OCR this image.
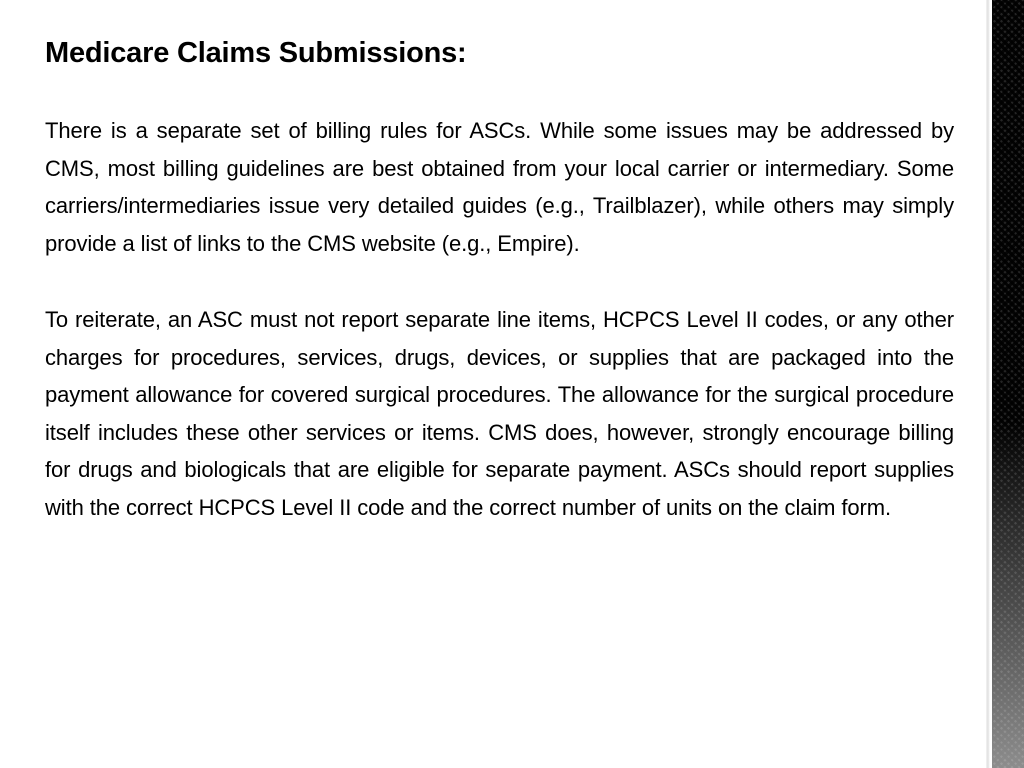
Medicare Claims Submissions:

There is a separate set of billing rules for ASCs. While some issues may be addressed by CMS, most billing guidelines are best obtained from your local carrier or intermediary. Some carriers/intermediaries issue very detailed guides (e.g., Trailblazer), while others may simply provide a list of links to the CMS website (e.g., Empire).

To reiterate, an ASC must not report separate line items, HCPCS Level II codes, or any other charges for procedures, services, drugs, devices, or supplies that are packaged into the payment allowance for covered surgical procedures. The allowance for the surgical procedure itself includes these other services or items. CMS does, however, strongly encourage billing for drugs and biologicals that are eligible for separate payment. ASCs should report supplies with the correct HCPCS Level II code and the correct number of units on the claim form.
